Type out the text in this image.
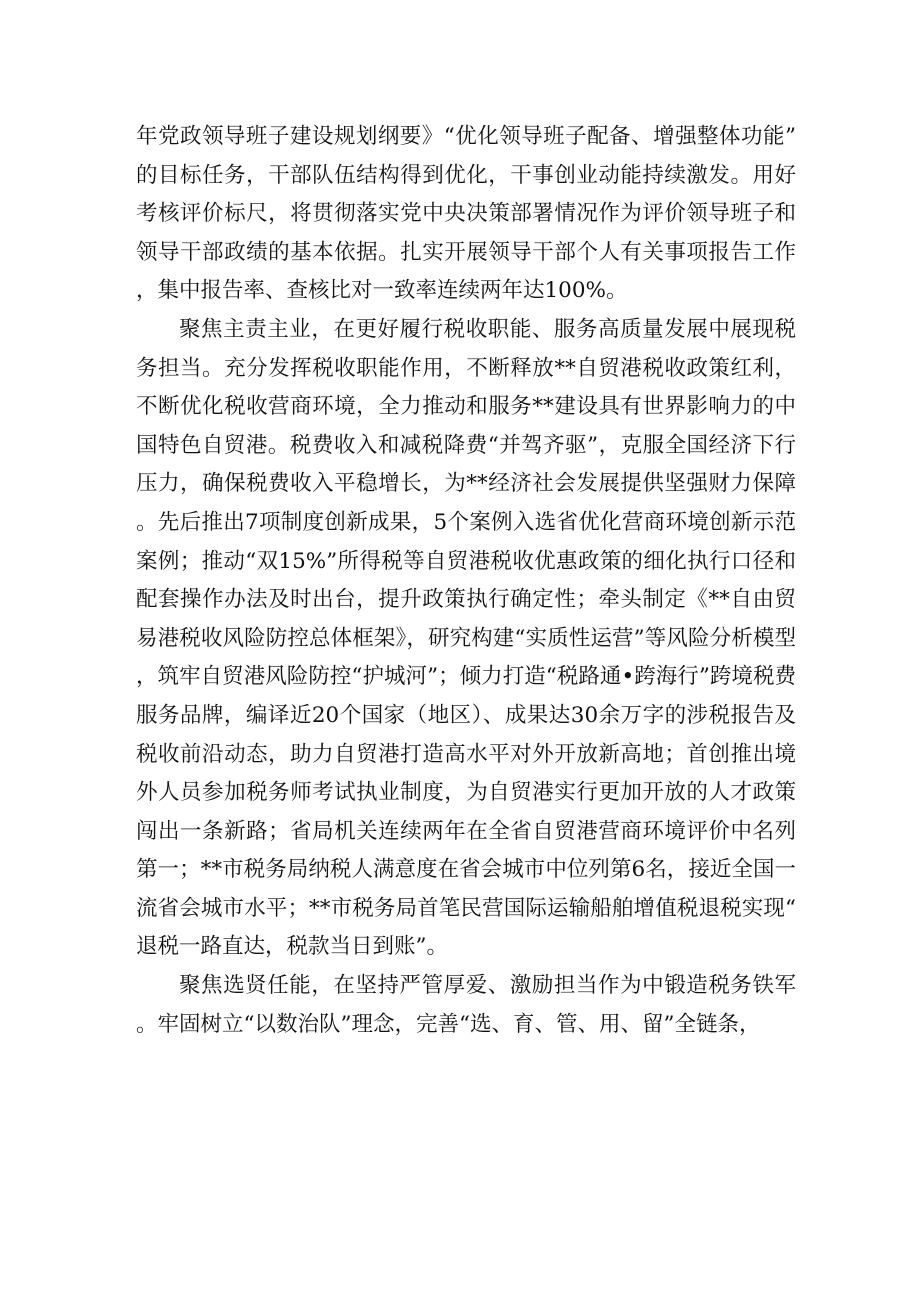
年党政领导班子建设规划纲要》“优化领导班子配备、增强整体功能”的目标任务，干部队伍结构得到优化，干事创业动能持续激发。用好考核评价标尺，将贯彻落实党中央决策部署情况作为评价领导班子和领导干部政绩的基本依据。扎实开展领导干部个人有关事项报告工作，集中报告率、查核比对一致率连续两年达100%。

聚焦主责主业，在更好履行税收职能、服务高质量发展中展现税务担当。充分发挥税收职能作用，不断释放**自贸港税收政策红利，不断优化税收营商环境，全力推动和服务**建设具有世界影响力的中国特色自贸港。税费收入和减税降费“并驾齐驱”，克服全国经济下行压力，确保税费收入平稳增长，为**经济社会发展提供坚强财力保障。先后推出7项制度创新成果，5个案例入选省优化营商环境创新示范案例；推动“双15%”所得税等自贸港税收优惠政策的细化执行口径和配套操作办法及时出台，提升政策执行确定性；牵头制定《**自由贸易港税收风险防控总体框架》，研究构建“实质性运营”等风险分析模型，筑牢自贸港风险防控“护城河”；倾力打造“税路通•跨海行”跨境税费服务品牌，编译近20个国家（地区）、成果达30余万字的涉税报告及税收前沿动态，助力自贸港打造高水平对外开放新高地；首创推出境外人员参加税务师考试执业制度，为自贸港实行更加开放的人才政策闯出一条新路；省局机关连续两年在全省自贸港营商环境评价中名列第一；**市税务局纳税人满意度在省会城市中位列第6名，接近全国一流省会城市水平；**市税务局首笔民营国际运输船舶增值税退税实现“退税一路直达，税款当日到账”。

聚焦选贤任能，在坚持严管厚爱、激励担当作为中锻造税务铁军。牢固树立“以数治队”理念，完善“选、育、管、用、留”全链条，
